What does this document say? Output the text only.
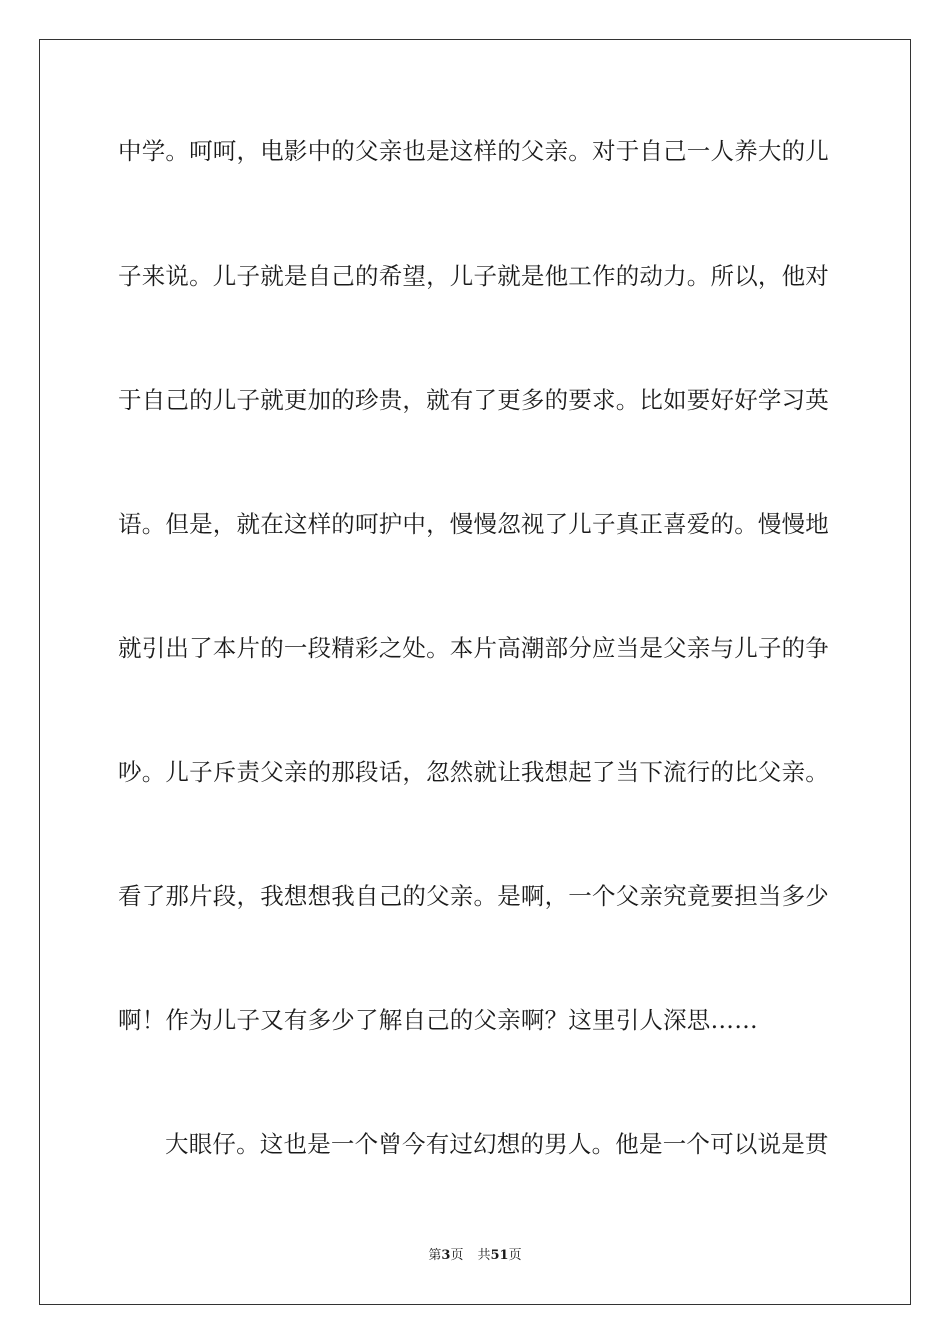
中学。呵呵，电影中的父亲也是这样的父亲。对于自己一人养大的儿
子来说。儿子就是自己的希望，儿子就是他工作的动力。所以，他对
于自己的儿子就更加的珍贵，就有了更多的要求。比如要好好学习英
语。但是，就在这样的呵护中，慢慢忽视了儿子真正喜爱的。慢慢地
就引出了本片的一段精彩之处。本片高潮部分应当是父亲与儿子的争
吵。儿子斥责父亲的那段话，忽然就让我想起了当下流行的比父亲。
看了那片段，我想想我自己的父亲。是啊，一个父亲究竟要担当多少
啊！作为儿子又有多少了解自己的父亲啊？这里引人深思……
大眼仔。这也是一个曾今有过幻想的男人。他是一个可以说是贯
第3页 共51页
